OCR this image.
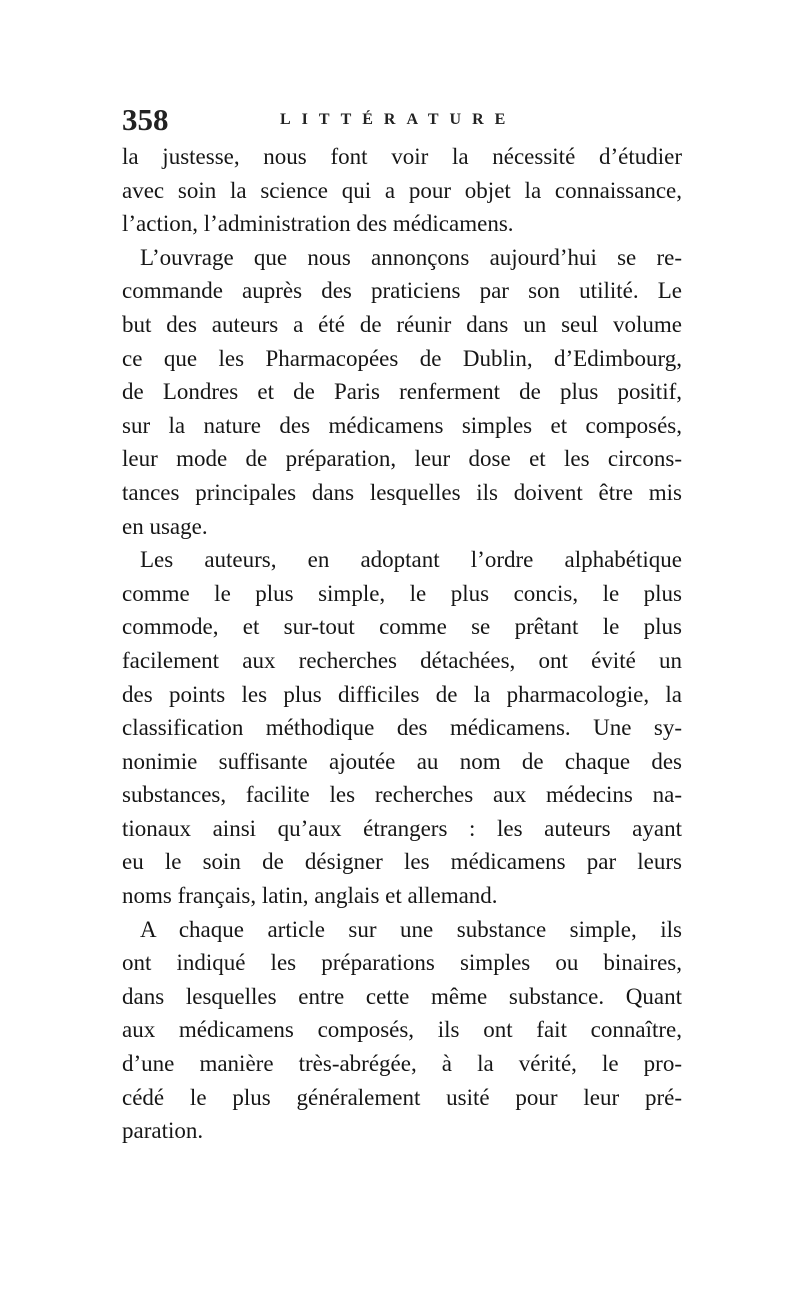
358	LITTÉRATURE
la justesse, nous font voir la nécessité d’étudier
avec soin la science qui a pour objet la connaissance,
l’action, l’administration des médicamens.
L’ouvrage que nous annonçons aujourd’hui se re-
commande auprès des praticiens par son utilité. Le
but des auteurs a été de réunir dans un seul volume
ce que les Pharmacopées de Dublin, d’Edimbourg,
de Londres et de Paris renferment de plus positif,
sur la nature des médicamens simples et composés,
leur mode de préparation, leur dose et les circons-
tances principales dans lesquelles ils doivent être mis
en usage.
Les auteurs, en adoptant l’ordre alphabétique
comme le plus simple, le plus concis, le plus
commode, et sur-tout comme se prêtant le plus
facilement aux recherches détachées, ont évité un
des points les plus difficiles de la pharmacologie, la
classification méthodique des médicamens. Une sy-
nonimie suffisante ajoutée au nom de chaque des
substances, facilite les recherches aux médecins na-
tionaux ainsi qu’aux étrangers : les auteurs ayant
eu le soin de désigner les médicamens par leurs
noms français, latin, anglais et allemand.
A chaque article sur une substance simple, ils
ont indiqué les préparations simples ou binaires,
dans lesquelles entre cette même substance. Quant
aux médicamens composés, ils ont fait connaître,
d’une manière très-abrégée, à la vérité, le pro-
cédé le plus généralement usité pour leur pré-
paration.
